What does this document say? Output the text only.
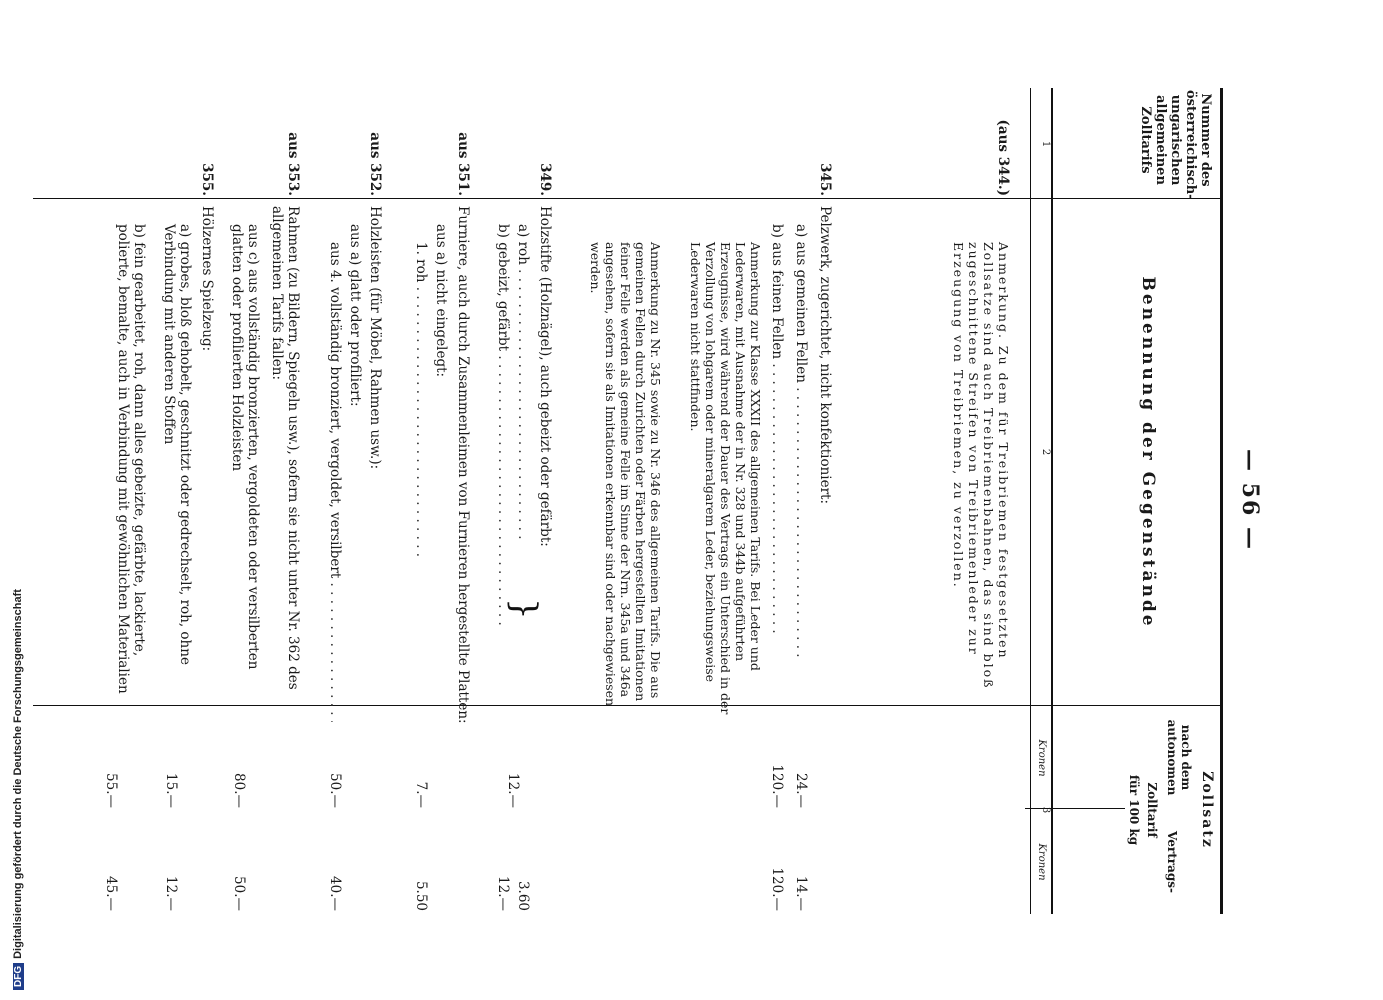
DFGDigitalisierung gefördert durch die Deutsche Forschungsgemeinschaft
— 56 —
Nummer des österreichisch-ungarischen allgemeinen Zolltarifs
Benennung der Gegenstände
Zollsatz
nach dem autonomen
Vertrags-
Zolltarif
für 100 kg
Kronen
Kronen
1
2
3
(aus 344.)
Anmerkung. Zu dem für Treibriemen festgesetzten Zollsatze sind auch Treibriemenbahnen, das sind bloß zugeschnittene Streifen von Treibriemenleder zur Erzeugung von Treibriemen, zu verzollen.
345.
Pelzwerk, zugerichtet, nicht konfektioniert:
a) aus gemeinen Fellen . . .
24.—
14.—
b) aus feinen Fellen . . .
120.—
120.—
Anmerkung zur Klasse XXXII des allgemeinen Tarifs. Bei Leder und Lederwaren, mit Ausnahme der in Nr. 328 und 344b aufgeführten Erzeugnisse, wird während der Dauer des Vertrags ein Unterschied in der Verzollung von lohgarem oder mineralgarem Leder, beziehungsweise Lederwaren nicht stattfinden.
Anmerkung zu Nr. 345 sowie zu Nr. 346 des allgemeinen Tarifs. Die aus gemeinen Fellen durch Zurichten oder Färben hergestellten Imitationen feiner Felle werden als gemeine Felle im Sinne der Nrn. 345a und 346a angesehen, sofern sie als Imitationen erkennbar sind oder nachgewiesen werden.
349.
Holzstifte (Holznägel), auch gebeizt oder gefärbt:
a) roh . . .
12.—
3.60
}
b) gebeizt, gefärbt . . .
12.—
aus 351.
Furniere, auch durch Zusammenleimen von Furnieren hergestellte Platten:
aus a) nicht eingelegt:
1. roh . . .
7.—
5.50
aus 352.
Holzleisten (für Möbel, Rahmen usw.):
aus a) glatt oder profiliert:
aus 4. vollständig bronziert, vergoldet, versilbert . . .
50.—
40.—
aus 353.
Rahmen (zu Bildern, Spiegeln usw.), sofern sie nicht unter Nr. 362 des allgemeinen Tarifs fallen:
aus c) aus vollständig bronzierten, vergoldeten oder versilberten glatten oder profilierten Holzleisten
80.—
50.—
355.
Hölzernes Spielzeug:
a) grobes, bloß gehobelt, geschnitzt oder gedrechselt, roh, ohne Verbindung mit anderen Stoffen
15.—
12.—
b) fein gearbeitet, roh, dann alles gebeizte, gefärbte, lackierte, polierte, bemalte, auch in Verbindung mit gewöhnlichen Materialien
55.—
45.—
